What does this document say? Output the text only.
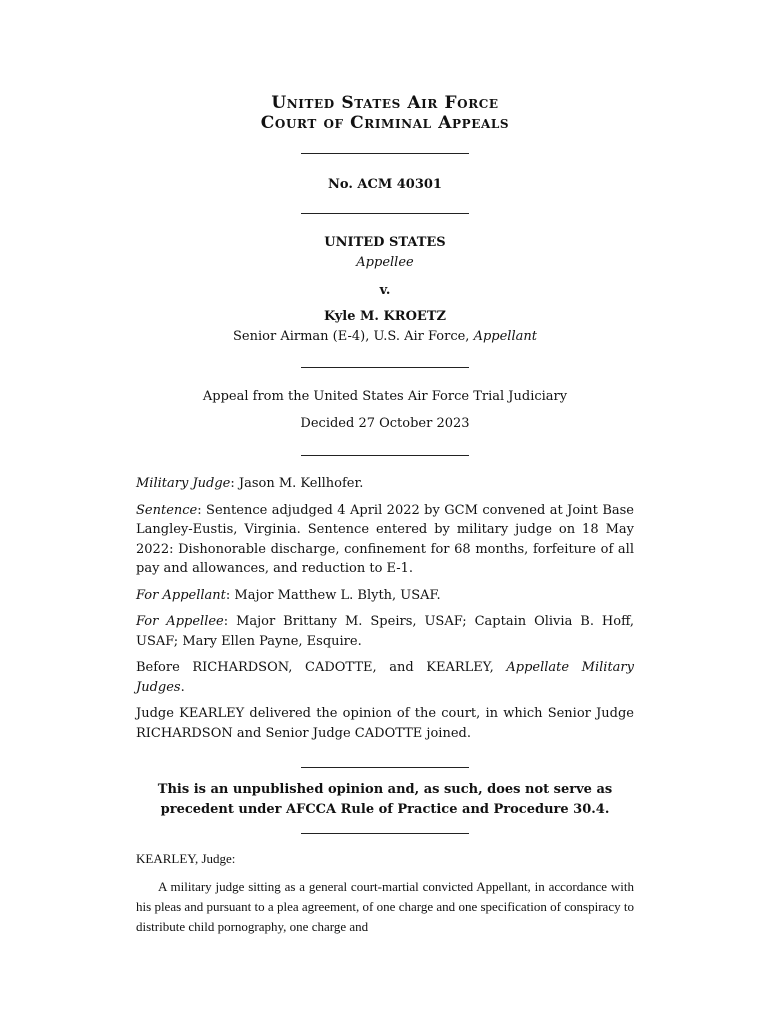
United States Air Force
Court of Criminal Appeals
No. ACM 40301
UNITED STATES
Appellee
v.
Kyle M. KROETZ
Senior Airman (E-4), U.S. Air Force, Appellant
Appeal from the United States Air Force Trial Judiciary
Decided 27 October 2023

Military Judge: Jason M. Kellhofer.

Sentence: Sentence adjudged 4 April 2022 by GCM convened at Joint Base Langley-Eustis, Virginia. Sentence entered by military judge on 18 May 2022: Dishonorable discharge, confinement for 68 months, forfeiture of all pay and allowances, and reduction to E-1.

For Appellant: Major Matthew L. Blyth, USAF.

For Appellee: Major Brittany M. Speirs, USAF; Captain Olivia B. Hoff, USAF; Mary Ellen Payne, Esquire.

Before RICHARDSON, CADOTTE, and KEARLEY, Appellate Military Judges.

Judge KEARLEY delivered the opinion of the court, in which Senior Judge RICHARDSON and Senior Judge CADOTTE joined.

This is an unpublished opinion and, as such, does not serve as
precedent under AFCCA Rule of Practice and Procedure 30.4.

KEARLEY, Judge:

A military judge sitting as a general court-martial convicted Appellant, in accordance with his pleas and pursuant to a plea agreement, of one charge and one specification of conspiracy to distribute child pornography, one charge and
